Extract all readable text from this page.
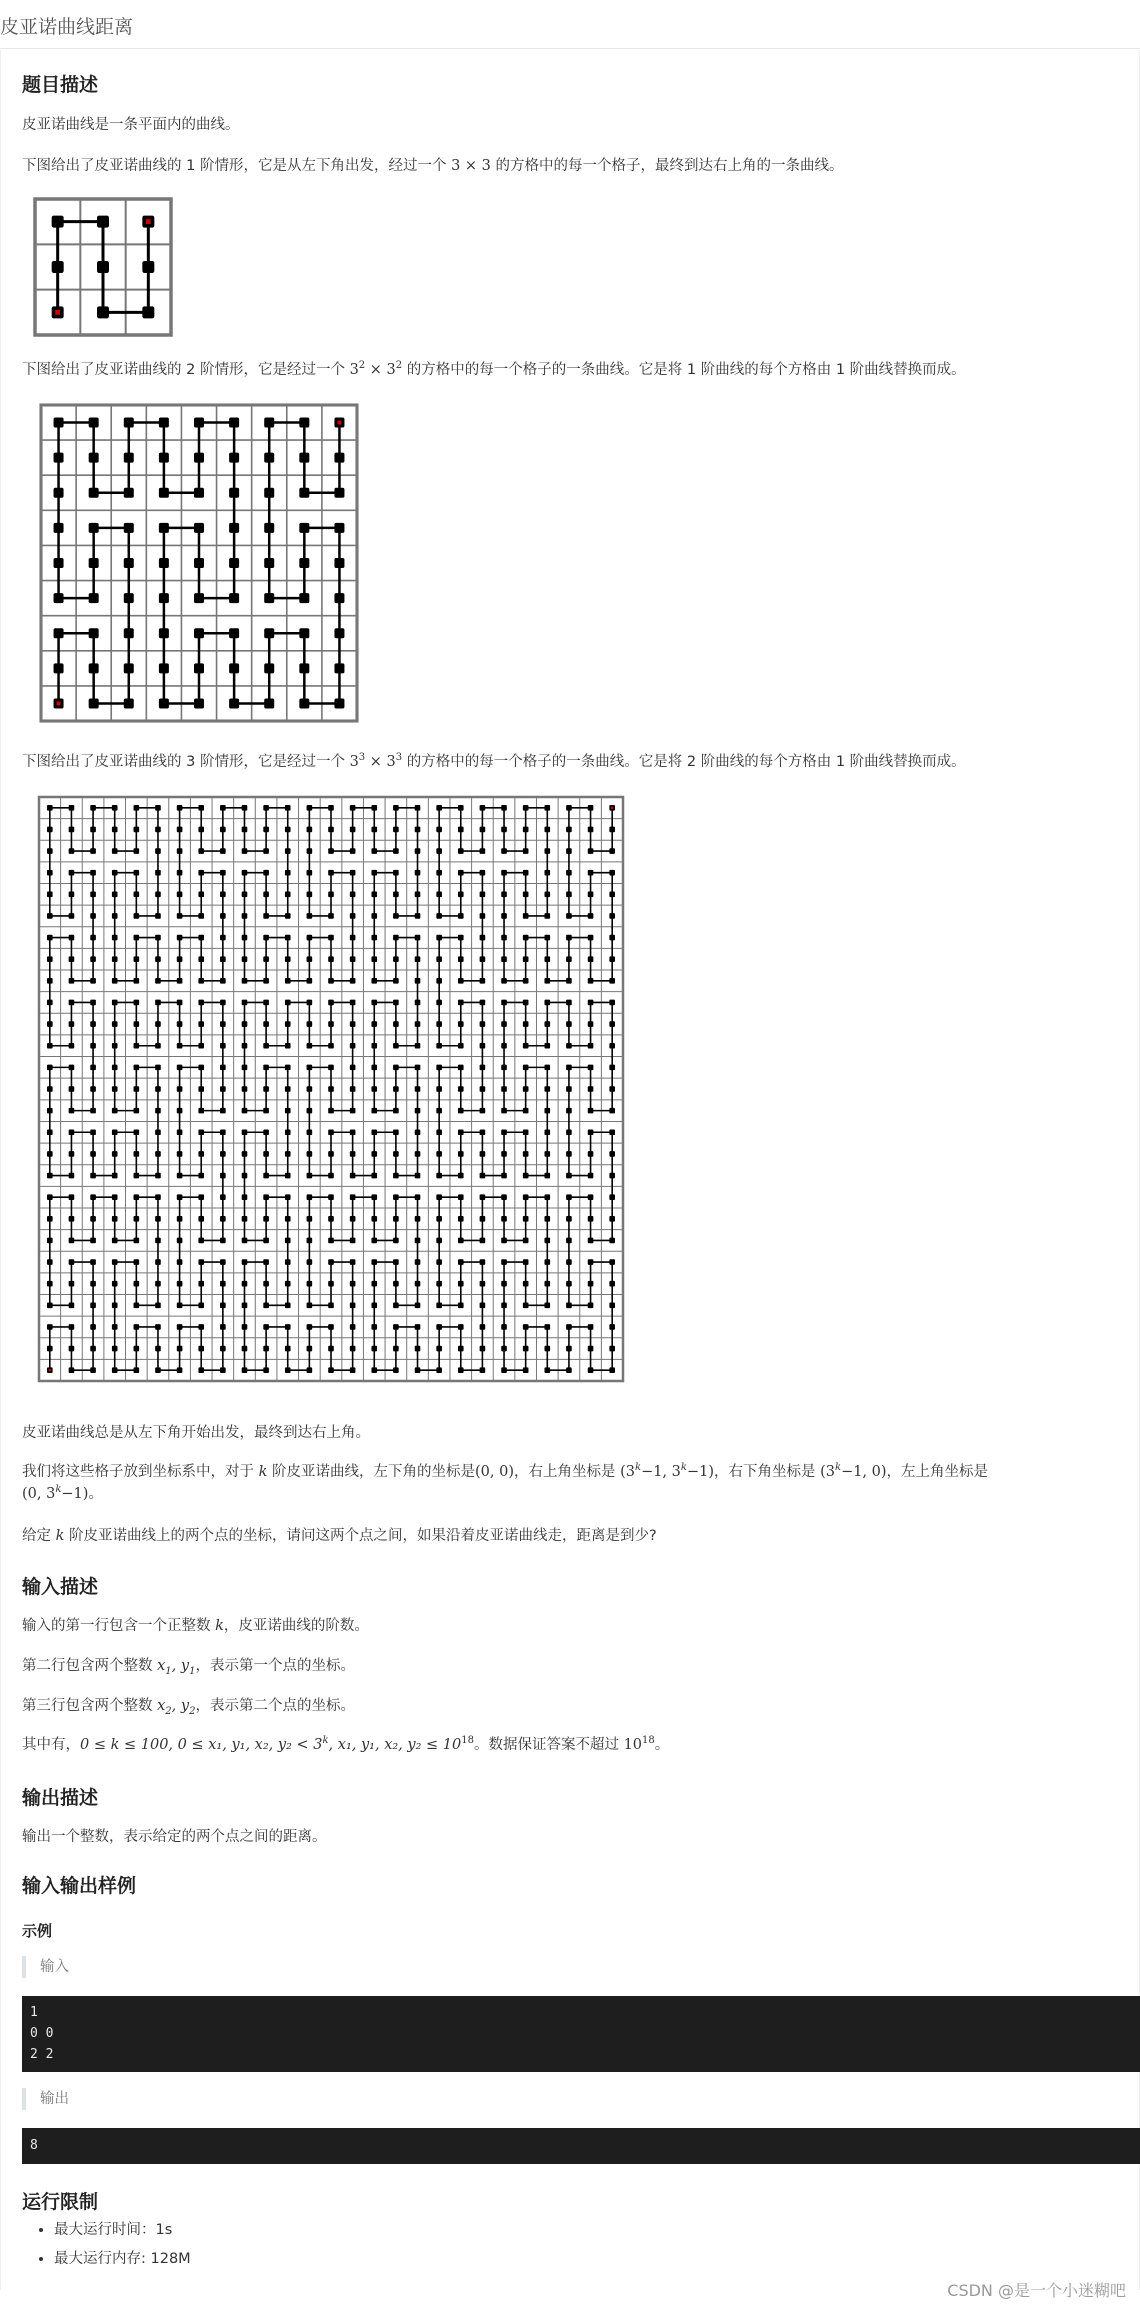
皮亚诺曲线距离
题目描述
皮亚诺曲线是一条平面内的曲线。
下图给出了皮亚诺曲线的 1 阶情形，它是从左下角出发，经过一个 3 × 3 的方格中的每一个格子，最终到达右上角的一条曲线。
下图给出了皮亚诺曲线的 2 阶情形，它是经过一个 $3^2 \times 3^2$ 的方格中的每一个格子的一条曲线。它是将 1 阶曲线的每个方格由 1 阶曲线替换而成。
下图给出了皮亚诺曲线的 3 阶情形，它是经过一个 $3^3 \times 3^3$ 的方格中的每一个格子的一条曲线。它是将 2 阶曲线的每个方格由 1 阶曲线替换而成。
皮亚诺曲线总是从左下角开始出发，最终到达右上角。
我们将这些格子放到坐标系中，对于 k 阶皮亚诺曲线，左下角的坐标是(0, 0)，右上角坐标是 ($3^k-1$, $3^k-1$)，右下角坐标是 ($3^k-1$, 0)，左上角坐标是
(0, $3^k-1$)。
给定 k 阶皮亚诺曲线上的两个点的坐标，请问这两个点之间，如果沿着皮亚诺曲线走，距离是到少?
输入描述
输入的第一行包含一个正整数 k，皮亚诺曲线的阶数。
第二行包含两个整数 $x_1$, $y_1$，表示第一个点的坐标。
第三行包含两个整数 $x_2$, $y_2$，表示第二个点的坐标。
其中有，0 ≤ k ≤ 100, 0 ≤ x₁, y₁, x₂, $y_2 < 3^k$, x₁, y₁, x₂, $y_2 \le 10^{18}$。数据保证答案不超过 $10^{18}$。
输出描述
输出一个整数，表示给定的两个点之间的距离。
输入输出样例
示例
输入
1
0 0
2 2
输出
8
运行限制
• 最大运行时间：1s
• 最大运行内存: 128M
CSDN @是一个小迷糊吧
